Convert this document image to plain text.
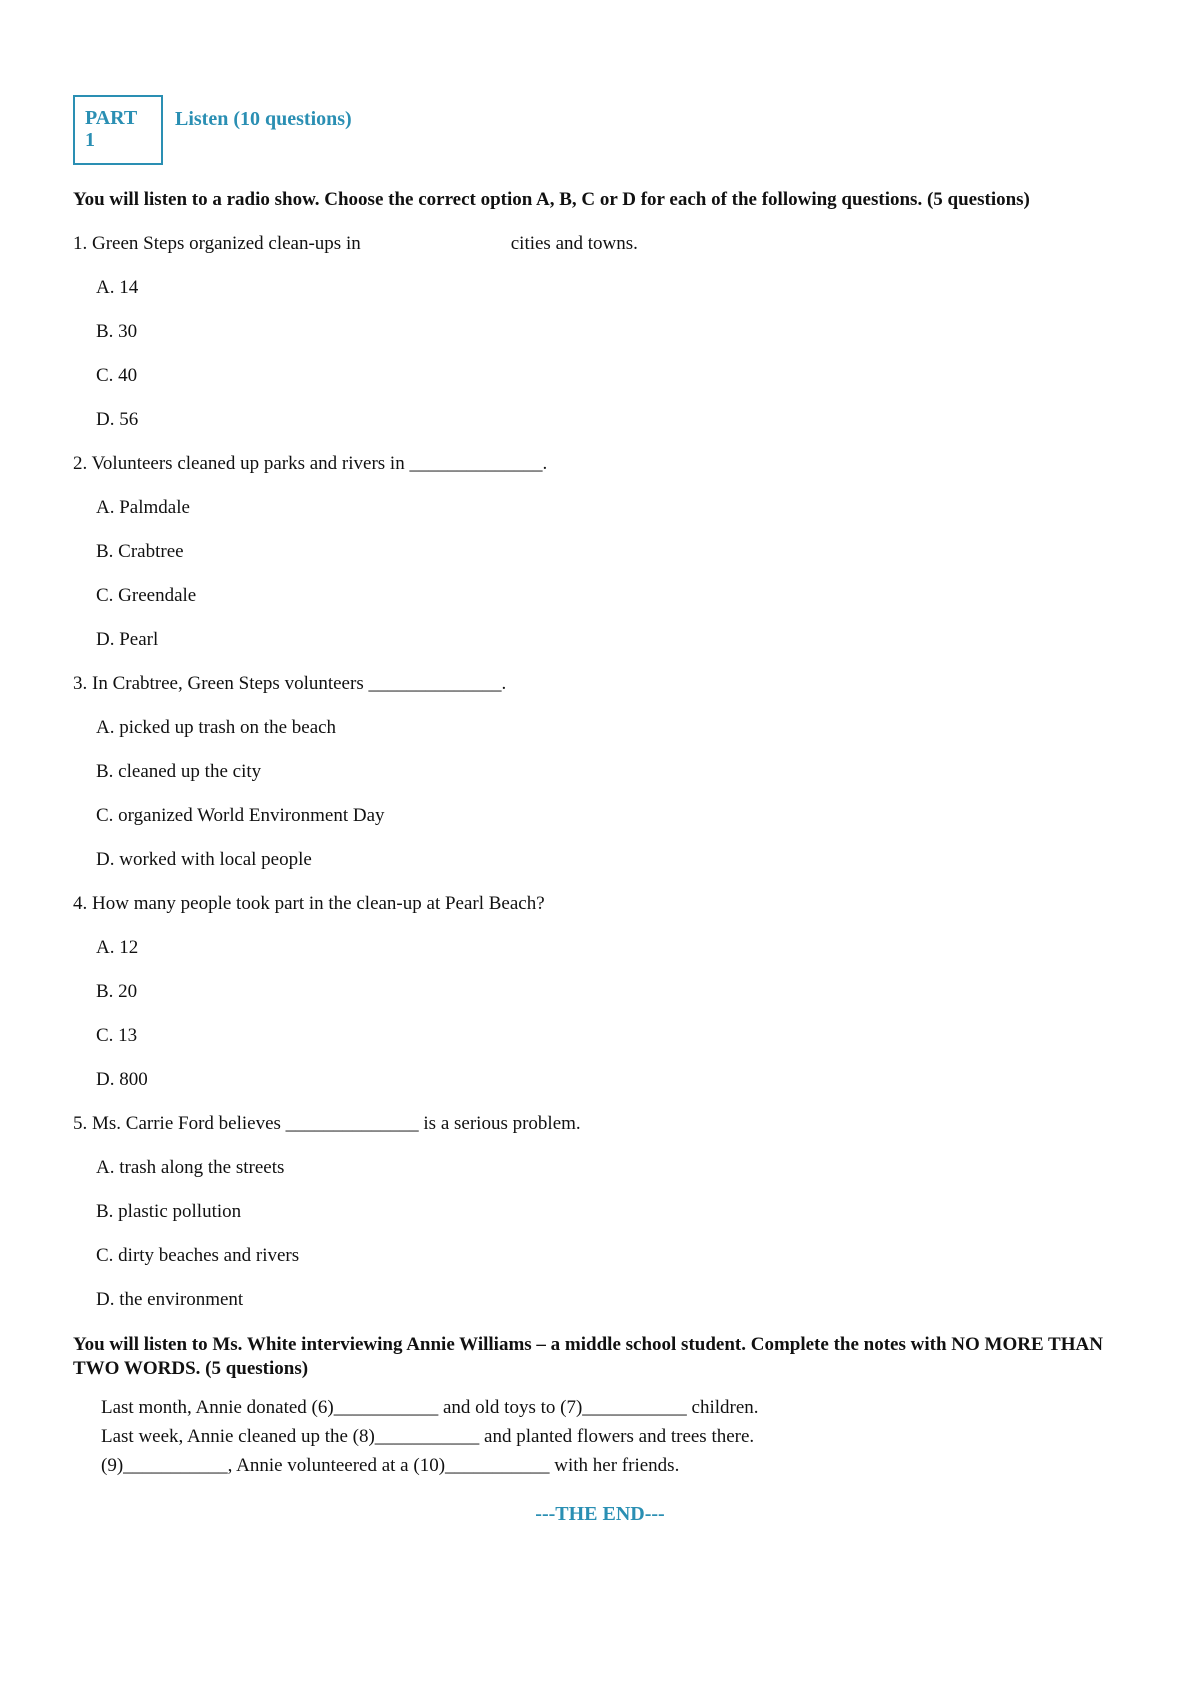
PART
1
Listen (10 questions)
You will listen to a radio show. Choose the correct option A, B, C or D for each of the following questions. (5 questions)
1. Green Steps organized clean-ups in	cities and towns.
A. 14
B. 30
C. 40
D. 56
2. Volunteers cleaned up parks and rivers in ______________.
A. Palmdale
B. Crabtree
C. Greendale
D. Pearl
3. In Crabtree, Green Steps volunteers ______________.
A. picked up trash on the beach
B. cleaned up the city
C. organized World Environment Day
D. worked with local people
4. How many people took part in the clean-up at Pearl Beach?
A. 12
B. 20
C. 13
D. 800
5. Ms. Carrie Ford believes ______________ is a serious problem.
A. trash along the streets
B. plastic pollution
C. dirty beaches and rivers
D. the environment
You will listen to Ms. White interviewing Annie Williams – a middle school student. Complete the notes with NO MORE THAN TWO WORDS. (5 questions)
Last month, Annie donated (6)___________ and old toys to (7)___________ children.
Last week, Annie cleaned up the (8)___________ and planted flowers and trees there.
(9)___________, Annie volunteered at a (10)___________ with her friends.
---THE END---
